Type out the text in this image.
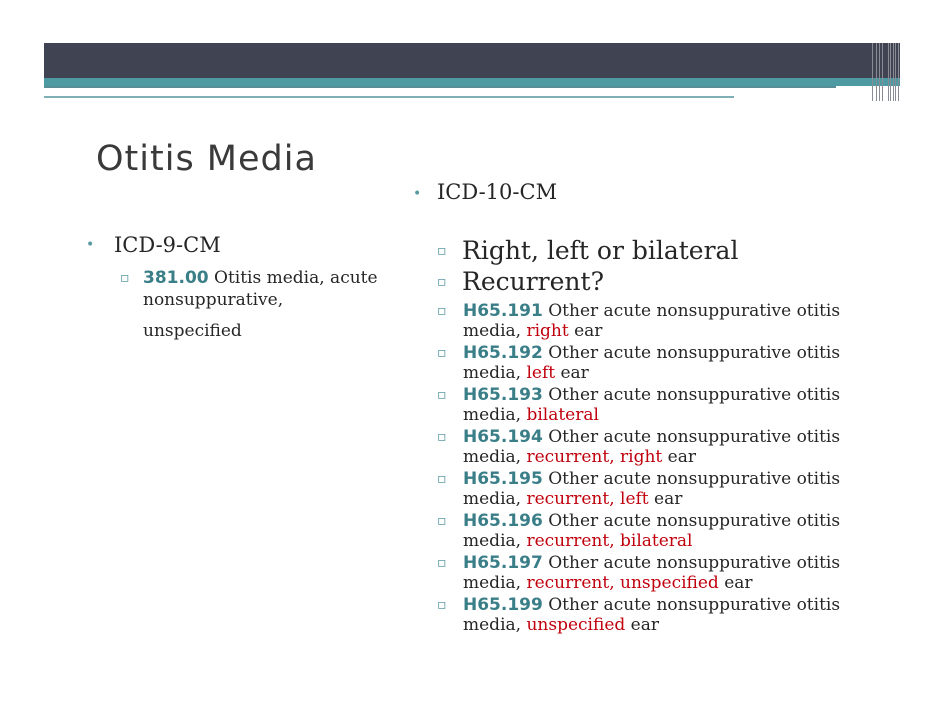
Otitis Media
• ICD-9-CM
▫ 381.00 Otitis media, acute
nonsuppurative,
unspecified
• ICD-10-CM
▫ Right, left or bilateral
▫ Recurrent?
▫ H65.191 Other acute nonsuppurative otitis
media, right ear
▫ H65.192 Other acute nonsuppurative otitis
media, left ear
▫ H65.193 Other acute nonsuppurative otitis
media, bilateral
▫ H65.194 Other acute nonsuppurative otitis
media, recurrent, right ear
▫ H65.195 Other acute nonsuppurative otitis
media, recurrent, left ear
▫ H65.196 Other acute nonsuppurative otitis
media, recurrent, bilateral
▫ H65.197 Other acute nonsuppurative otitis
media, recurrent, unspecified ear
▫ H65.199 Other acute nonsuppurative otitis
media, unspecified ear
